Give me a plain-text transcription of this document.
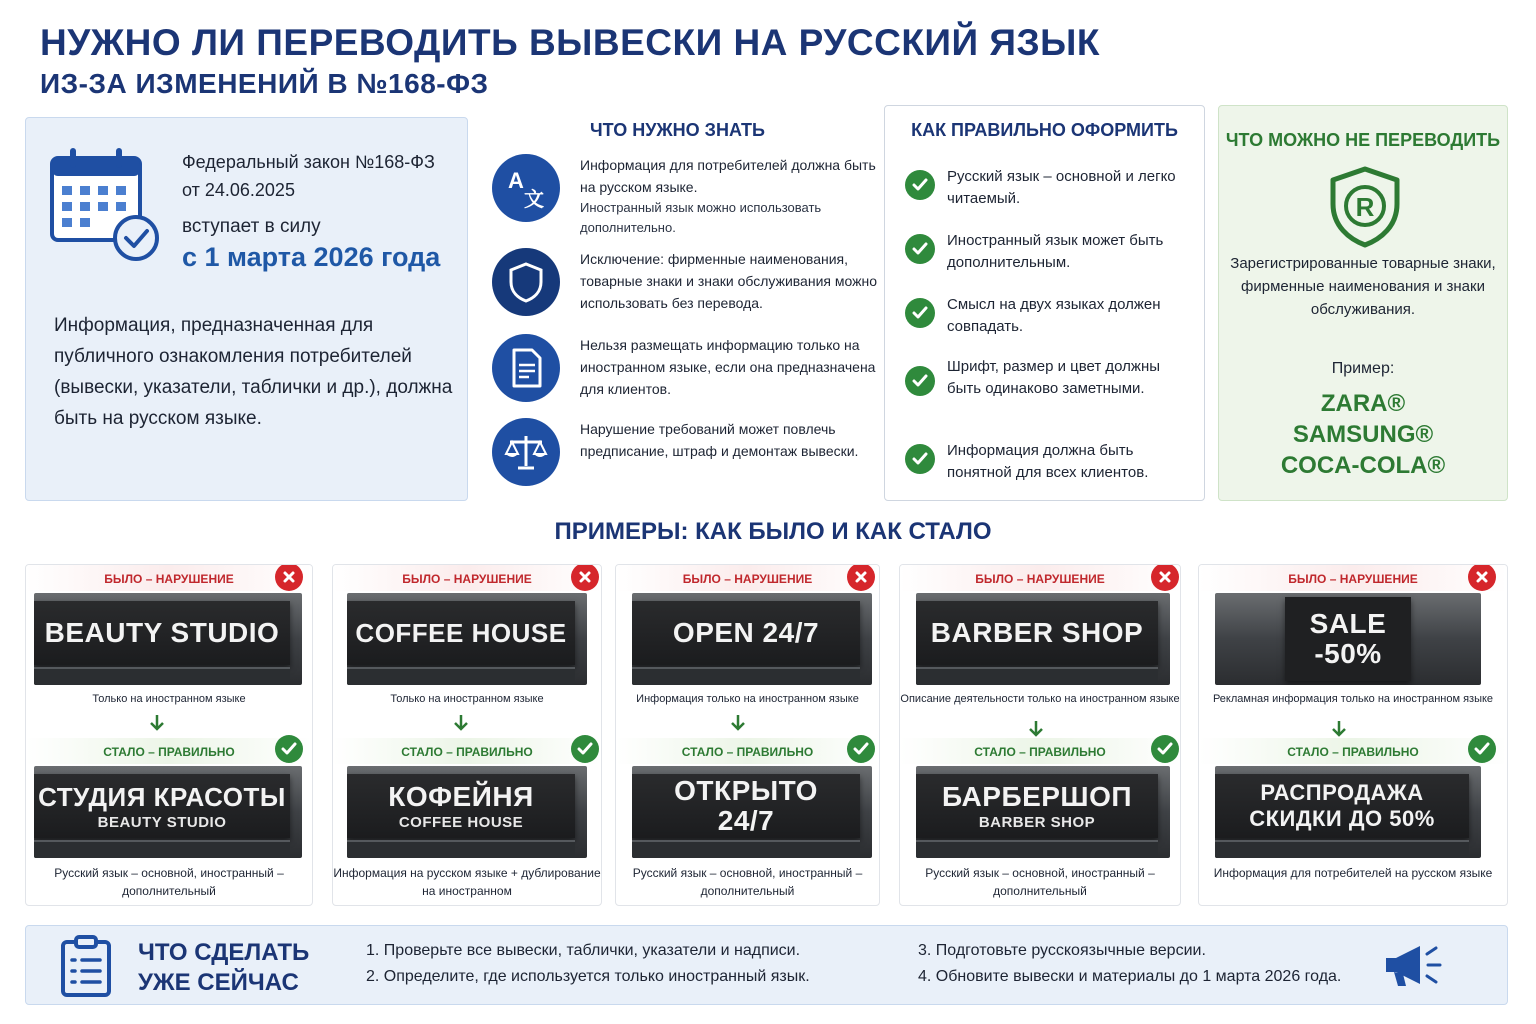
НУЖНО ЛИ ПЕРЕВОДИТЬ ВЫВЕСКИ НА РУССКИЙ ЯЗЫК
ИЗ-ЗА ИЗМЕНЕНИЙ В №168-ФЗ
Федеральный закон №168-ФЗ
от 24.06.2025
вступает в силу
с 1 марта 2026 года
Информация, предназначенная для публичного ознакомления потребителей (вывески, указатели, таблички и др.), должна быть на русском языке.
ЧТО НУЖНО ЗНАТЬ
A
文
Информация для потребителей должна быть на русском языке.
Иностранный язык можно использовать дополнительно.
Исключение: фирменные наименования, товарные знаки и знаки обслуживания можно использовать без перевода.
Нельзя размещать информацию только на иностранном языке, если она предназначена для клиентов.
Нарушение требований может повлечь предписание, штраф и демонтаж вывески.
КАК ПРАВИЛЬНО ОФОРМИТЬ
Русский язык – основной и легко читаемый.
Иностранный язык может быть дополнительным.
Смысл на двух языках должен совпадать.
Шрифт, размер и цвет должны быть одинаково заметными.
Информация должна быть понятной для всех клиентов.
ЧТО МОЖНО НЕ ПЕРЕВОДИТЬ
R
Зарегистрированные товарные знаки, фирменные наименования и знаки обслуживания.
Пример:
ZARA®
SAMSUNG®
COCA-COLA®
ПРИМЕРЫ: КАК БЫЛО И КАК СТАЛО
БЫЛО – НАРУШЕНИЕ
BEAUTY STUDIO
Только на иностранном языке
СТАЛО – ПРАВИЛЬНО
СТУДИЯ КРАСОТЫ
BEAUTY STUDIO
Русский язык – основной, иностранный – дополнительный
БЫЛО – НАРУШЕНИЕ
COFFEE HOUSE
Только на иностранном языке
СТАЛО – ПРАВИЛЬНО
КОФЕЙНЯ
COFFEE HOUSE
Информация на русском языке + дублирование на иностранном
БЫЛО – НАРУШЕНИЕ
OPEN 24/7
Информация только на иностранном языке
СТАЛО – ПРАВИЛЬНО
ОТКРЫТО 24/7
Русский язык – основной, иностранный – дополнительный
БЫЛО – НАРУШЕНИЕ
BARBER SHOP
Описание деятельности только на иностранном языке
СТАЛО – ПРАВИЛЬНО
БАРБЕРШОП
BARBER SHOP
Русский язык – основной, иностранный – дополнительный
БЫЛО – НАРУШЕНИЕ
SALE -50%
Рекламная информация только на иностранном языке
СТАЛО – ПРАВИЛЬНО
РАСПРОДАЖА СКИДКИ ДО 50%
Информация для потребителей на русском языке
ЧТО СДЕЛАТЬ
УЖЕ СЕЙЧАС
1. Проверьте все вывески, таблички, указатели и надписи.
2. Определите, где используется только иностранный язык.
3. Подготовьте русскоязычные версии.
4. Обновите вывески и материалы до 1 марта 2026 года.
